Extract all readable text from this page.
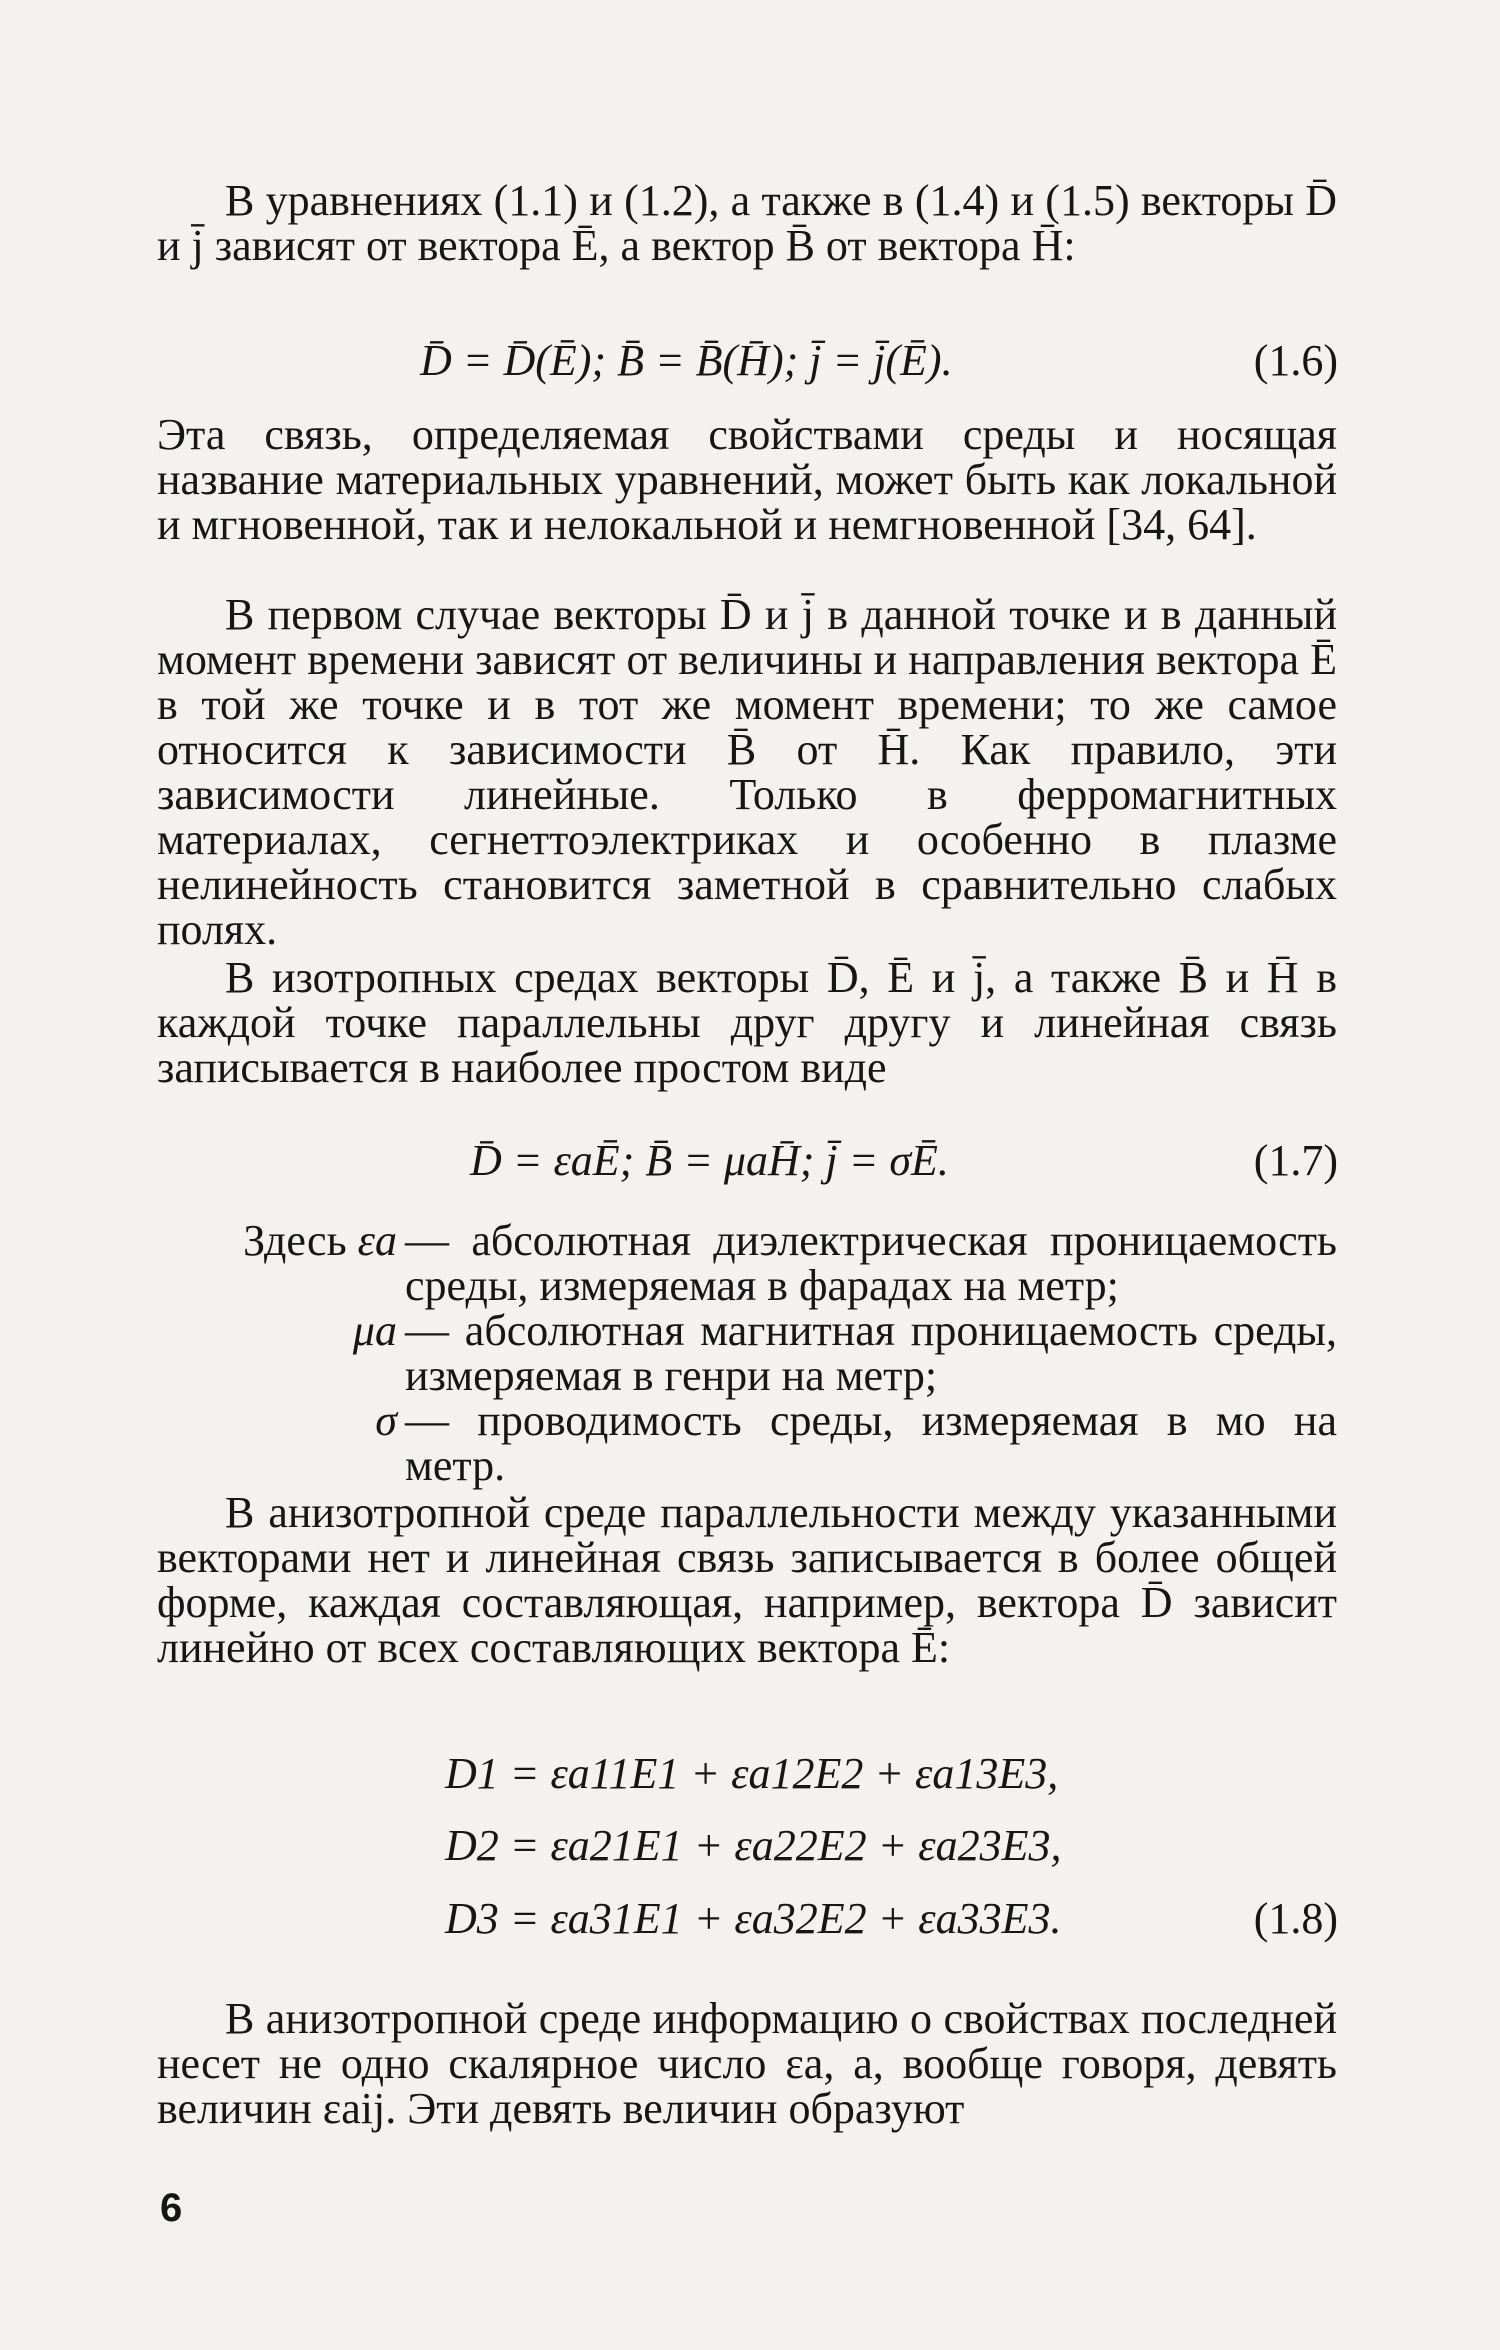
В уравнениях (1.1) и (1.2), а также в (1.4) и (1.5) векторы D̄ и j̄ зависят от вектора Ē, а вектор B̄ от вектора H̄:

D̄ = D̄(Ē); B̄ = B̄(H̄); j̄ = j̄(Ē).	(1.6)

Эта связь, определяемая свойствами среды и носящая название материальных уравнений, может быть как локальной и мгновенной, так и нелокальной и немгновенной [34, 64].

В первом случае векторы D̄ и j̄ в данной точке и в данный момент времени зависят от величины и направления вектора Ē в той же точке и в тот же момент времени; то же самое относится к зависимости B̄ от H̄. Как правило, эти зависимости линейные. Только в ферромагнитных материалах, сегнеттоэлектриках и особенно в плазме нелинейность становится заметной в сравнительно слабых полях.

В изотропных средах векторы D̄, Ē и j̄, а также B̄ и H̄ в каждой точке параллельны друг другу и линейная связь записывается в наиболее простом виде

D̄ = εaĒ; B̄ = μaH̄; j̄ = σĒ.	(1.7)
Здесь εa — абсолютная диэлектрическая проницаемость среды, измеряемая в фарадах на метр;
μa — абсолютная магнитная проницаемость среды, измеряемая в генри на метр;
σ — проводимость среды, измеряемая в мо на метр.

В анизотропной среде параллельности между указанными векторами нет и линейная связь записывается в более общей форме, каждая составляющая, например, вектора D̄ зависит линейно от всех составляющих вектора Ē:

D1 = εa11E1 + εa12E2 + εa13E3,
D2 = εa21E1 + εa22E2 + εa23E3,
D3 = εa31E1 + εa32E2 + εa33E3.	(1.8)

В анизотропной среде информацию о свойствах последней несет не одно скалярное число εa, а, вообще говоря, девять величин εaij. Эти девять величин образуют

6
